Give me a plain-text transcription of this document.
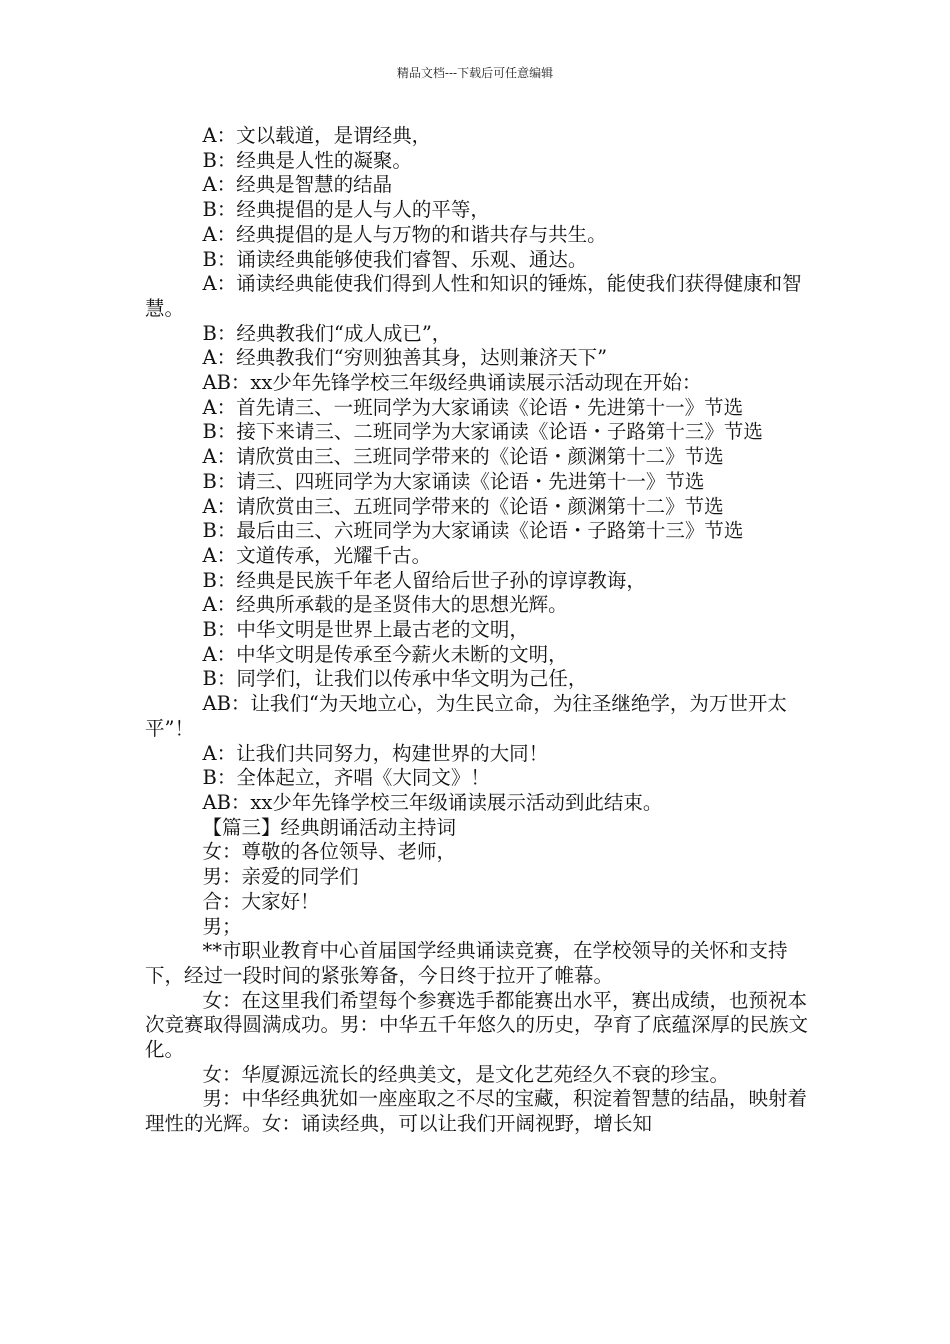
精品文档---下载后可任意编辑

A：文以载道，是谓经典，

B：经典是人性的凝聚。

A：经典是智慧的结晶

B：经典提倡的是人与人的平等，

A：经典提倡的是人与万物的和谐共存与共生。

B：诵读经典能够使我们睿智、乐观、通达。

A：诵读经典能使我们得到人性和知识的锤炼，能使我们获得健康和智慧。

B：经典教我们“成人成已”，

A：经典教我们“穷则独善其身，达则兼济天下”

AB：xx少年先锋学校三年级经典诵读展示活动现在开始：

A：首先请三、一班同学为大家诵读《论语・先进第十一》节选

B：接下来请三、二班同学为大家诵读《论语・子路第十三》节选

A：请欣赏由三、三班同学带来的《论语・颜渊第十二》节选

B：请三、四班同学为大家诵读《论语・先进第十一》节选

A：请欣赏由三、五班同学带来的《论语・颜渊第十二》节选

B：最后由三、六班同学为大家诵读《论语・子路第十三》节选

A：文道传承，光耀千古。

B：经典是民族千年老人留给后世子孙的谆谆教诲，

A：经典所承载的是圣贤伟大的思想光辉。

B：中华文明是世界上最古老的文明，

A：中华文明是传承至今薪火未断的文明，

B：同学们，让我们以传承中华文明为己任，

AB：让我们“为天地立心，为生民立命，为往圣继绝学，为万世开太平”！

A：让我们共同努力，构建世界的大同！

B：全体起立，齐唱《大同文》！

AB：xx少年先锋学校三年级诵读展示活动到此结束。

【篇三】经典朗诵活动主持词

女：尊敬的各位领导、老师，

男：亲爱的同学们

合：大家好！

男；

**市职业教育中心首届国学经典诵读竞赛，在学校领导的关怀和支持下，经过一段时间的紧张筹备，今日终于拉开了帷幕。

女：在这里我们希望每个参赛选手都能赛出水平，赛出成绩，也预祝本次竞赛取得圆满成功。男：中华五千年悠久的历史，孕育了底蕴深厚的民族文化。

女：华厦源远流长的经典美文，是文化艺苑经久不衰的珍宝。

男：中华经典犹如一座座取之不尽的宝藏，积淀着智慧的结晶，映射着理性的光辉。女：诵读经典，可以让我们开阔视野，增长知
